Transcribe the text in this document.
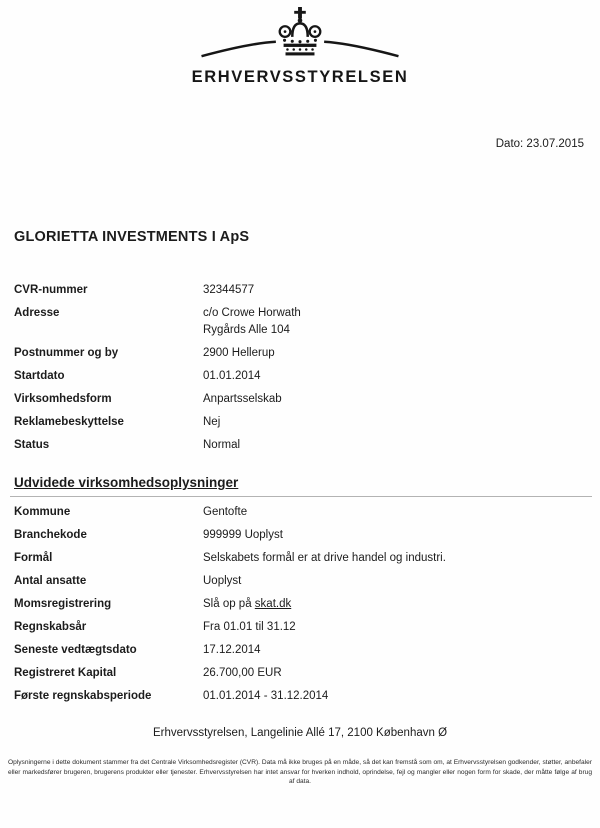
ERHVERVSSTYRELSEN
Dato: 23.07.2015
GLORIETTA INVESTMENTS I ApS
CVR-nummer	32344577
Adresse	c/o Crowe Horwath
Rygårds Alle 104
Postnummer og by	2900 Hellerup
Startdato	01.01.2014
Virksomhedsform	Anpartsselskab
Reklamebeskyttelse	Nej
Status	Normal
Udvidede virksomhedsoplysninger
Kommune	Gentofte
Branchekode	999999 Uoplyst
Formål	Selskabets formål er at drive handel og industri.
Antal ansatte	Uoplyst
Momsregistrering	Slå op på skat.dk
Regnskabsår	Fra 01.01 til 31.12
Seneste vedtægtsdato	17.12.2014
Registreret Kapital	26.700,00 EUR
Første regnskabsperiode	01.01.2014 - 31.12.2014
Erhvervsstyrelsen, Langelinie Allé 17, 2100 København Ø
Oplysningerne i dette dokument stammer fra det Centrale Virksomhedsregister (CVR). Data må ikke bruges på en måde, så det kan fremstå som om, at Erhvervsstyrelsen godkender, støtter, anbefaler eller markedsfører brugeren, brugerens produkter eller tjenester. Erhvervsstyrelsen har intet ansvar for hverken indhold, oprindelse, fejl og mangler eller nogen form for skade, der måtte følge af brug af data.
